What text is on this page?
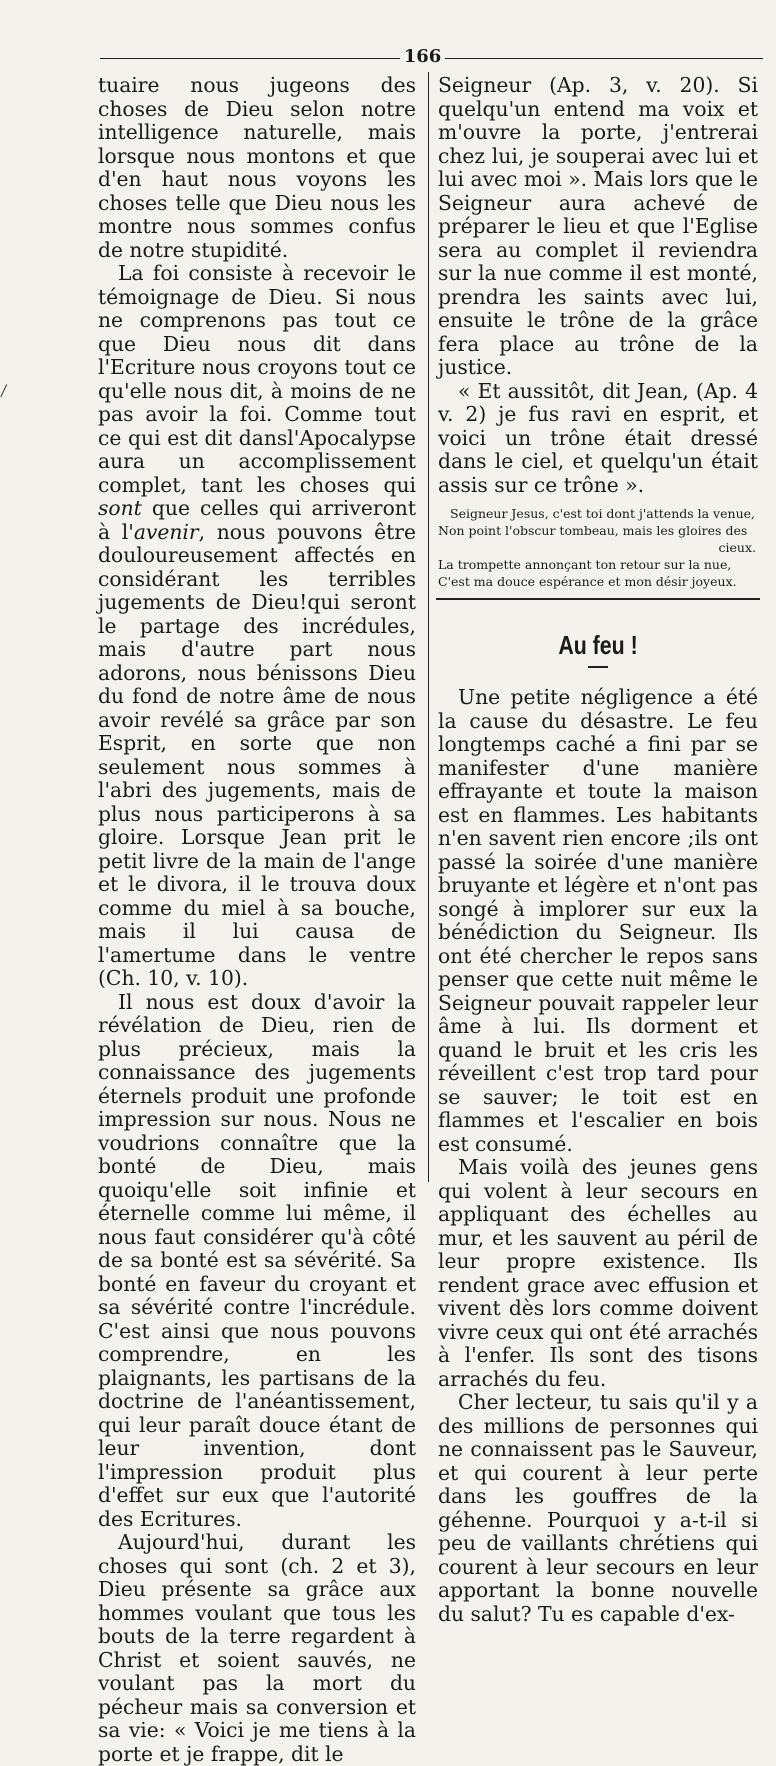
166

tuaire nous jugeons des choses de Dieu selon notre intelligence naturelle, mais lorsque nous montons et que d'en haut nous voyons les choses telle que Dieu nous les montre nous sommes confus de notre stupidité.

La foi consiste à recevoir le témoignage de Dieu. Si nous ne comprenons pas tout ce que Dieu nous dit dans l'Ecriture nous croyons tout ce qu'elle nous dit, à moins de ne pas avoir la foi. Comme tout ce qui est dit dansl'Apocalypse aura un accomplissement complet, tant les choses qui sont que celles qui arriveront à l'avenir, nous pouvons être douloureusement affectés en considérant les terribles jugements de Dieu!qui seront le partage des incrédules, mais d'autre part nous adorons, nous bénissons Dieu du fond de notre âme de nous avoir revélé sa grâce par son Esprit, en sorte que non seulement nous sommes à l'abri des jugements, mais de plus nous participerons à sa gloire. Lorsque Jean prit le petit livre de la main de l'ange et le divora, il le trouva doux comme du miel à sa bouche, mais il lui causa de l'amertume dans le ventre (Ch. 10, v. 10).

Il nous est doux d'avoir la révélation de Dieu, rien de plus précieux, mais la connaissance des jugements éternels produit une profonde impression sur nous. Nous ne voudrions connaître que la bonté de Dieu, mais quoiqu'elle soit infinie et éternelle comme lui même, il nous faut considérer qu'à côté de sa bonté est sa sévérité. Sa bonté en faveur du croyant et sa sévérité contre l'incrédule. C'est ainsi que nous pouvons comprendre, en les plaignants, les partisans de la doctrine de l'anéantissement, qui leur paraît douce étant de leur invention, dont l'impression produit plus d'effet sur eux que l'autorité des Ecritures.

Aujourd'hui, durant les choses qui sont (ch. 2 et 3), Dieu présente sa grâce aux hommes voulant que tous les bouts de la terre regardent à Christ et soient sauvés, ne voulant pas la mort du pécheur mais sa conversion et sa vie: « Voici je me tiens à la porte et je frappe, dit le

Seigneur (Ap. 3, v. 20). Si quelqu'un entend ma voix et m'ouvre la porte, j'entrerai chez lui, je souperai avec lui et lui avec moi ». Mais lors que le Seigneur aura achevé de préparer le lieu et que l'Eglise sera au complet il reviendra sur la nue comme il est monté, prendra les saints avec lui, ensuite le trône de la grâce fera place au trône de la justice.

« Et aussitôt, dit Jean, (Ap. 4 v. 2) je fus ravi en esprit, et voici un trône était dressé dans le ciel, et quelqu'un était assis sur ce trône ».

Seigneur Jesus, c'est toi dont j'attends la venue,
Non point l'obscur tombeau, mais les gloires des
cieux.
La trompette annonçant ton retour sur la nue,
C'est ma douce espérance et mon désir joyeux.
Au feu !

Une petite négligence a été la cause du désastre. Le feu longtemps caché a fini par se manifester d'une manière effrayante et toute la maison est en flammes. Les habitants n'en savent rien encore ;ils ont passé la soirée d'une manière bruyante et légère et n'ont pas songé à implorer sur eux la bénédiction du Seigneur. Ils ont été chercher le repos sans penser que cette nuit même le Seigneur pouvait rappeler leur âme à lui. Ils dorment et quand le bruit et les cris les réveillent c'est trop tard pour se sauver; le toit est en flammes et l'escalier en bois est consumé.

Mais voilà des jeunes gens qui volent à leur secours en appliquant des échelles au mur, et les sauvent au péril de leur propre existence. Ils rendent grace avec effusion et vivent dès lors comme doivent vivre ceux qui ont été arrachés à l'enfer. Ils sont des tisons arrachés du feu.

Cher lecteur, tu sais qu'il y a des millions de personnes qui ne connaissent pas le Sauveur, et qui courent à leur perte dans les gouffres de la géhenne. Pourquoi y a-t-il si peu de vaillants chrétiens qui courent à leur secours en leur apportant la bonne nouvelle du salut? Tu es capable d'ex-
